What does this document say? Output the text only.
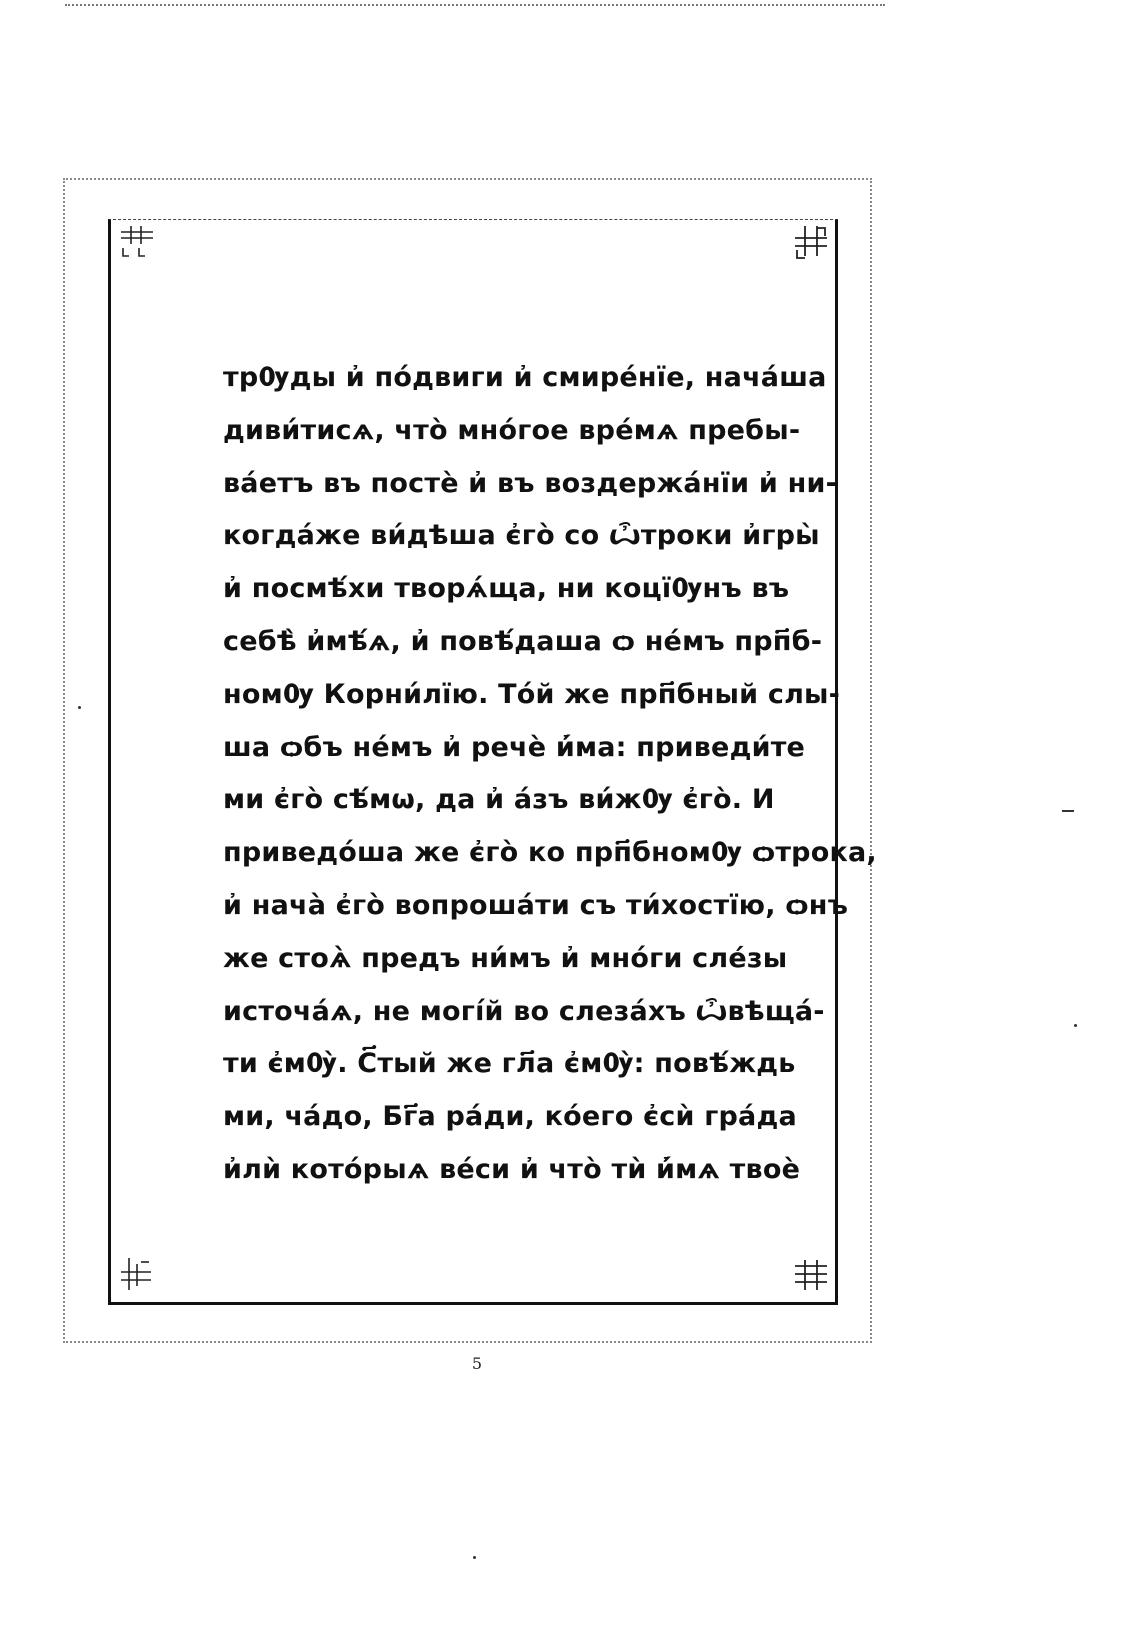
трѸды и҆ по́двиги и҆ смире́нїе, нача́ша
диви́тисѧ, что̀ мно́гое вре́мѧ пребы-
ва́етъ въ постѐ и҆ въ воздержа́нїи и҆ ни-
когда́же ви́дѣша є҆го̀ со ѽтроки и҆гры̀
и҆ посмѣ́хи творѧ́ща, ни коцїѸнъ въ
себѣ̀ и҆мѣ́ѧ, и҆ повѣ́даша ѻ не́мъ прп҃б-
номѸ Корни́лїю. То́й же прп҃бный слы-
ша ѻбъ не́мъ и҆ речѐ и҆́ма: приведи́те
ми є҆го̀ сѣ́мѡ, да и҆ а́зъ ви́жѸ є҆го̀. И
приведо́ша же є҆го̀ ко прп҃бномѸ ѻтрока,
и҆ нача̀ є҆го̀ вопроша́ти съ ти́хостїю, ѻнъ
же стоѧ̀ предъ ни́мъ и҆ мно́ги слéзы
источа́ѧ, не могі́й во слеза́хъ ѽвѣща́-
ти є҆мѸ̀. С҃тый же гл҃а є҆мѸ̀: повѣ́ждь
ми, ча́до, Бг҃а ра́ди, ко́его є҆сѝ гра́да
и҆лѝ кото́рыѧ ве́си и҆ что̀ тѝ и҆́мѧ твоѐ
5
